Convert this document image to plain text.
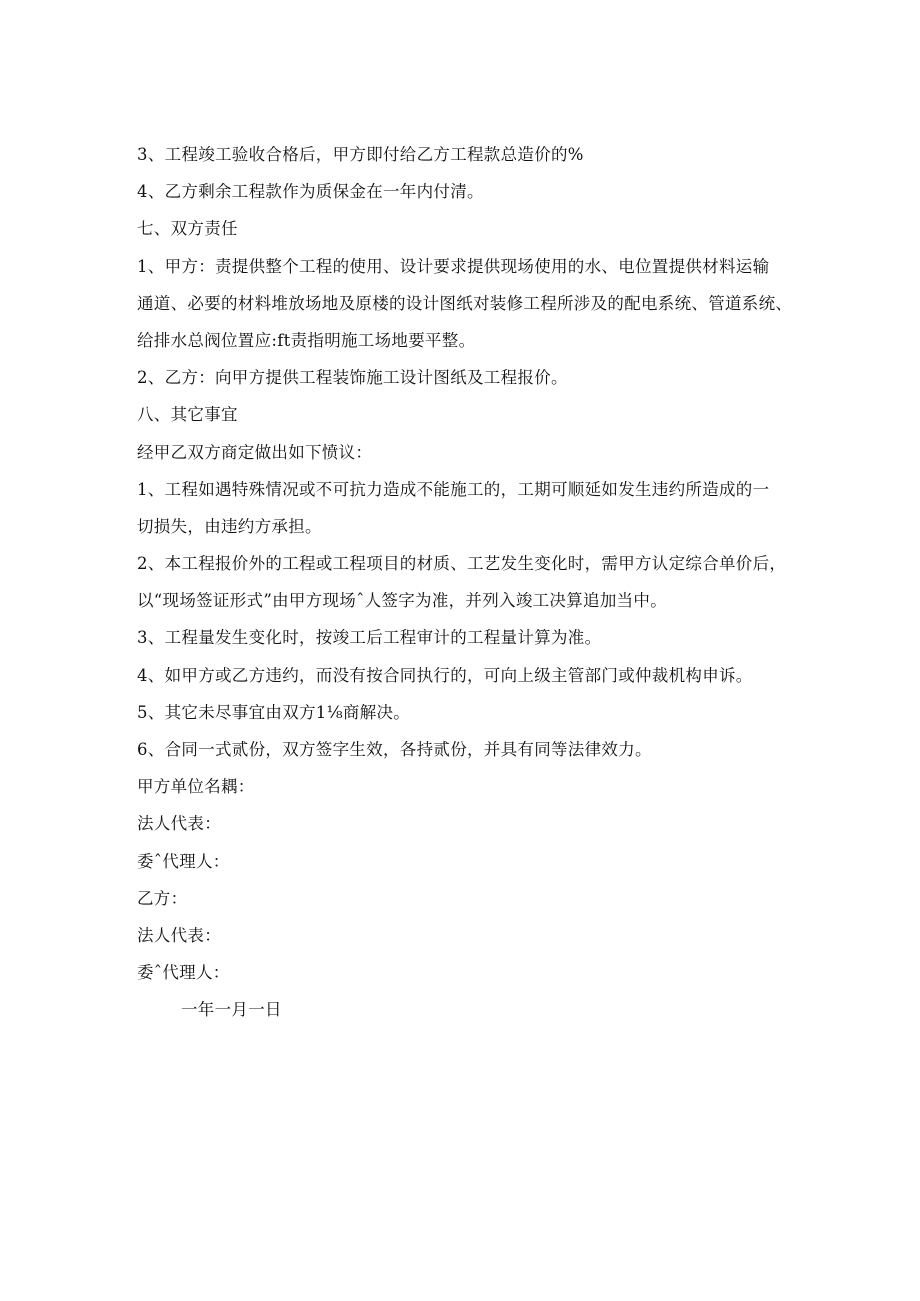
3、工程竣工验收合格后，甲方即付给乙方工程款总造价的%
4、乙方剩余工程款作为质保金在一年内付清。
七、双方责任
1、甲方：责提供整个工程的使用、设计要求提供现场使用的水、电位置提供材料运输
通道、必要的材料堆放场地及原楼的设计图纸对装修工程所涉及的配电系统、管道系统、
给排水总阀位置应:ft责指明施工场地要平整。
2、乙方：向甲方提供工程装饰施工设计图纸及工程报价。
八、其它事宜
经甲乙双方商定做出如下愤议：
1、工程如遇特殊情况或不可抗力造成不能施工的，工期可顺延如发生违约所造成的一
切损失，由违约方承担。
2、本工程报价外的工程或工程项目的材质、工艺发生变化时，需甲方认定综合单价后，
以“现场签证形式”由甲方现场ˆ人签字为准，并列入竣工决算追加当中。
3、工程量发生变化时，按竣工后工程审计的工程量计算为准。
4、如甲方或乙方违约，而没有按合同执行的，可向上级主管部门或仲裁机构申诉。
5、其它未尽事宜由双方1⅛商解决。
6、合同一式贰份，双方签字生效，各持贰份，并具有同等法律效力。
甲方单位名耦：
法人代表：
委ˆ代理人：
乙方：
法人代表：
委ˆ代理人：
一年一月一日
